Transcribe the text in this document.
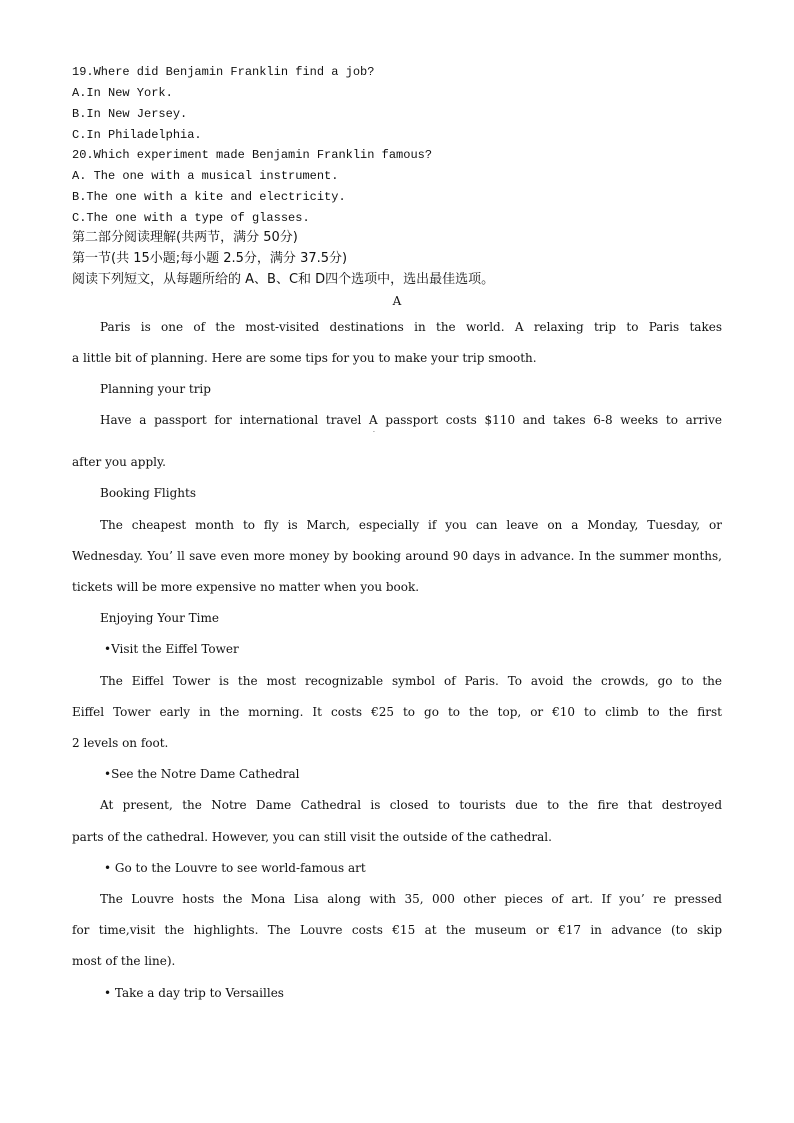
19.Where did Benjamin Franklin find a job?
A.In New York.
B.In New Jersey.
C.In Philadelphia.
20.Which experiment made Benjamin Franklin famous?
A. The one with a musical instrument.
B.The one with a kite and electricity.
C.The one with a type of glasses.
第二部分阅读理解(共两节，满分 50分)
第一节(共 15小题;每小题 2.5分，满分 37.5分)
阅读下列短文，从每题所给的 A、B、C和 D四个选项中，选出最佳选项。
A
Paris is one of the most-visited destinations in the world. A relaxing trip to Paris takes
a little bit of planning. Here are some tips for you to make your trip smooth.
Planning your trip
Have a passport for international travel A passport costs $110 and takes 6-8 weeks to arrive
·
after you apply.
Booking Flights
The cheapest month to fly is March, especially if you can leave on a Monday, Tuesday, or
Wednesday. You’ ll save even more money by booking around 90 days in advance. In the summer months,
tickets will be more expensive no matter when you book.
Enjoying Your Time
•Visit the Eiffel Tower
The Eiffel Tower is the most recognizable symbol of Paris. To avoid the crowds, go to the
Eiffel Tower early in the morning. It costs €25 to go to the top, or €10 to climb to the first
2 levels on foot.
•See the Notre Dame Cathedral
At present, the Notre Dame Cathedral is closed to tourists due to the fire that destroyed
parts of the cathedral. However, you can still visit the outside of the cathedral.
• Go to the Louvre to see world-famous art
The Louvre hosts the Mona Lisa along with 35, 000 other pieces of art. If you’ re pressed
for time,visit the highlights. The Louvre costs €15 at the museum or €17 in advance (to skip
most of the line).
• Take a day trip to Versailles
